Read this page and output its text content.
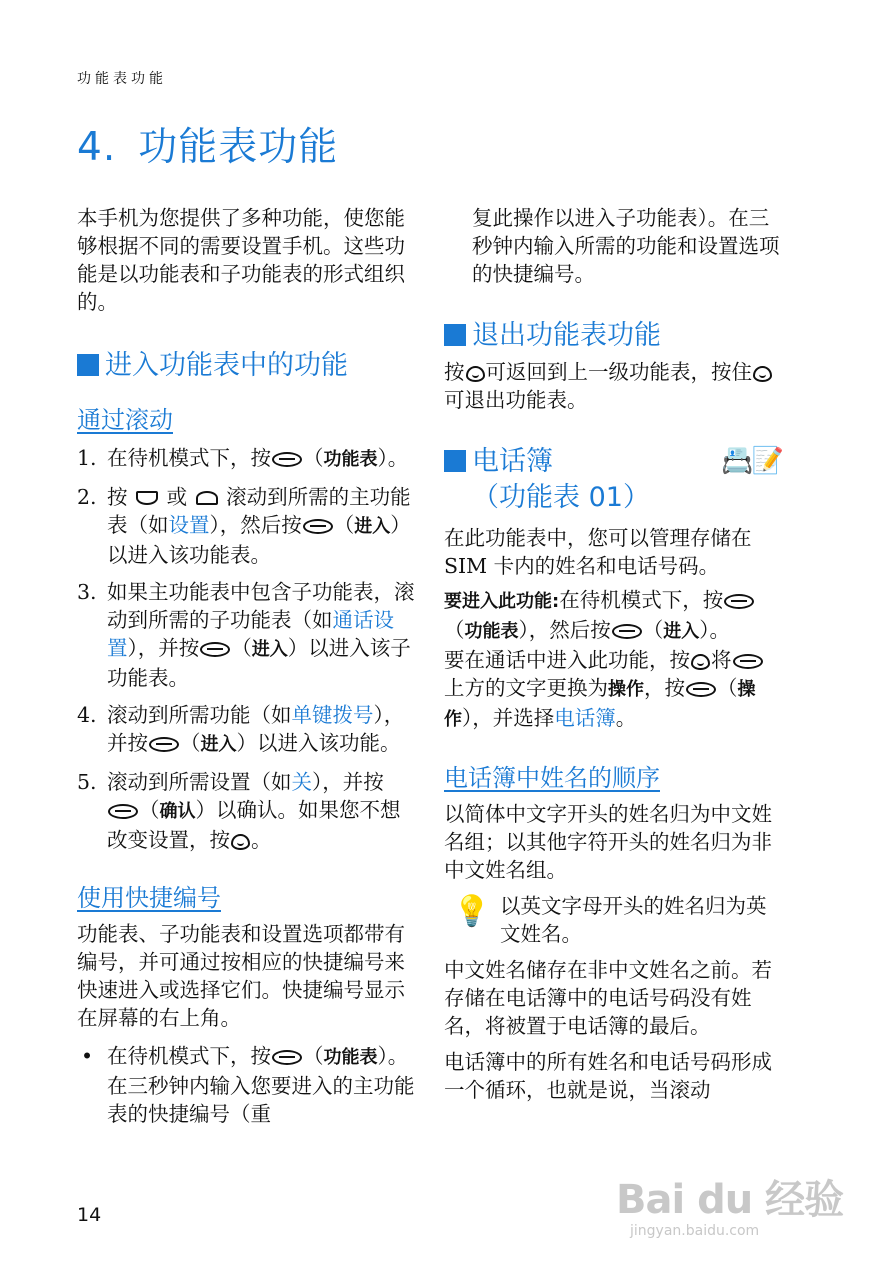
功能表功能
4. 功能表功能

本手机为您提供了多种功能，使您能够根据不同的需要设置手机。这些功能是以功能表和子功能表的形式组织的。

进入功能表中的功能
通过滚动
1. 在待机模式下，按 （功能表）。
2. 按 或 滚动到所需的主功能表（如设置），然后按 （进入）以进入该功能表。
3. 如果主功能表中包含子功能表，滚动到所需的子功能表（如通话设置），并按 （进入）以进入该子功能表。
4. 滚动到所需功能（如单键拨号），并按 （进入）以进入该功能。
5. 滚动到所需设置（如关），并按（确认）以确认。如果您不想改变设置，按 。
使用快捷编号

功能表、子功能表和设置选项都带有编号，并可通过按相应的快捷编号来快速进入或选择它们。快捷编号显示在屏幕的右上角。

• 在待机模式下，按 （功能表）。在三秒钟内输入您要进入的主功能表的快捷编号（重

复此操作以进入子功能表）。在三秒钟内输入所需的功能和设置选项的快捷编号。

退出功能表功能

按 可返回到上一级功能表，按住可退出功能表。

电话簿
（功能表 01）
📇📝

在此功能表中，您可以管理存储在 SIM 卡内的姓名和电话号码。

要进入此功能:在待机模式下，按（功能表），然后按 （进入）。

要在通话中进入此功能，按 将上方的文字更换为操作，按 （操作），并选择电话簿。

电话簿中姓名的顺序

以简体中文字开头的姓名归为中文姓名组；以其他字符开头的姓名归为非中文姓名组。

💡 以英文字母开头的姓名归为英文姓名。

中文姓名储存在非中文姓名之前。若存储在电话簿中的电话号码没有姓名，将被置于电话簿的最后。

电话簿中的所有姓名和电话号码形成一个循环，也就是说，当滚动

14	Bai du 经验
jingyan.baidu.com
